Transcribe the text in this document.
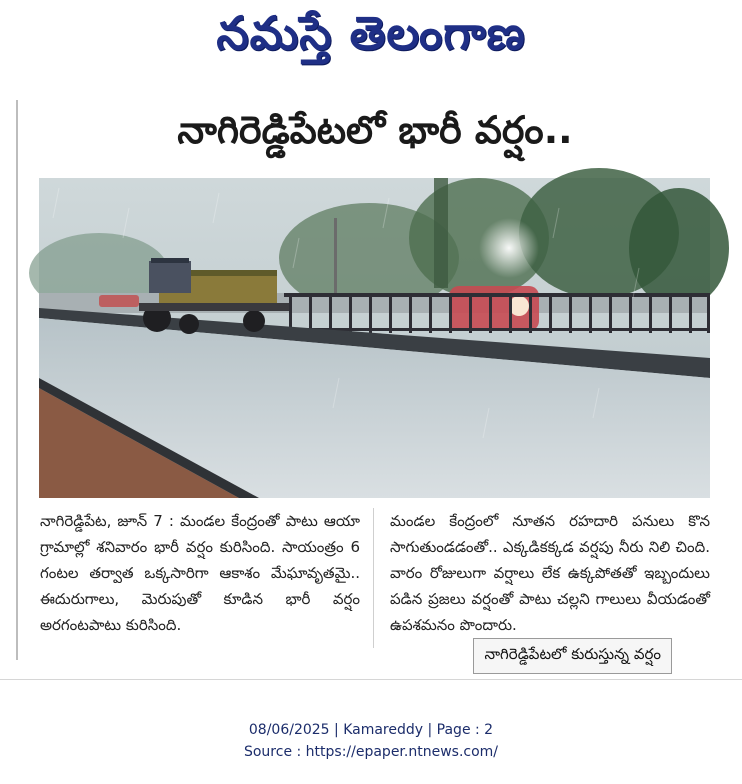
నమస్తే తెలంగాణ
నాగిరెడ్డిపేటలో భారీ వర్షం..
నాగిరెడ్డిపేటలో కురుస్తున్న వర్షం
నాగిరెడ్డిపేట, జూన్ 7 : మండల కేంద్రంతో పాటు ఆయా గ్రామాల్లో శనివారం భారీ వర్షం కురిసింది. సాయంత్రం 6 గంటల తర్వాత ఒక్కసారిగా ఆకాశం మేఘావృతమై.. ఈదురుగాలు, మెరుపుతో కూడిన భారీ వర్షం అరగంటపాటు కురిసింది.
మండల కేంద్రంలో నూతన రహదారి పనులు కొన సాగుతుండడంతో.. ఎక్కడికక్కడ వర్షపు నీరు నిలి చింది. వారం రోజులుగా వర్షాలు లేక ఉక్కపోతతో ఇబ్బందులు పడిన ప్రజలు వర్షంతో పాటు చల్లని గాలులు వీయడంతో ఉపశమనం పొందారు.
08/06/2025 | Kamareddy | Page : 2
Source : https://epaper.ntnews.com/
